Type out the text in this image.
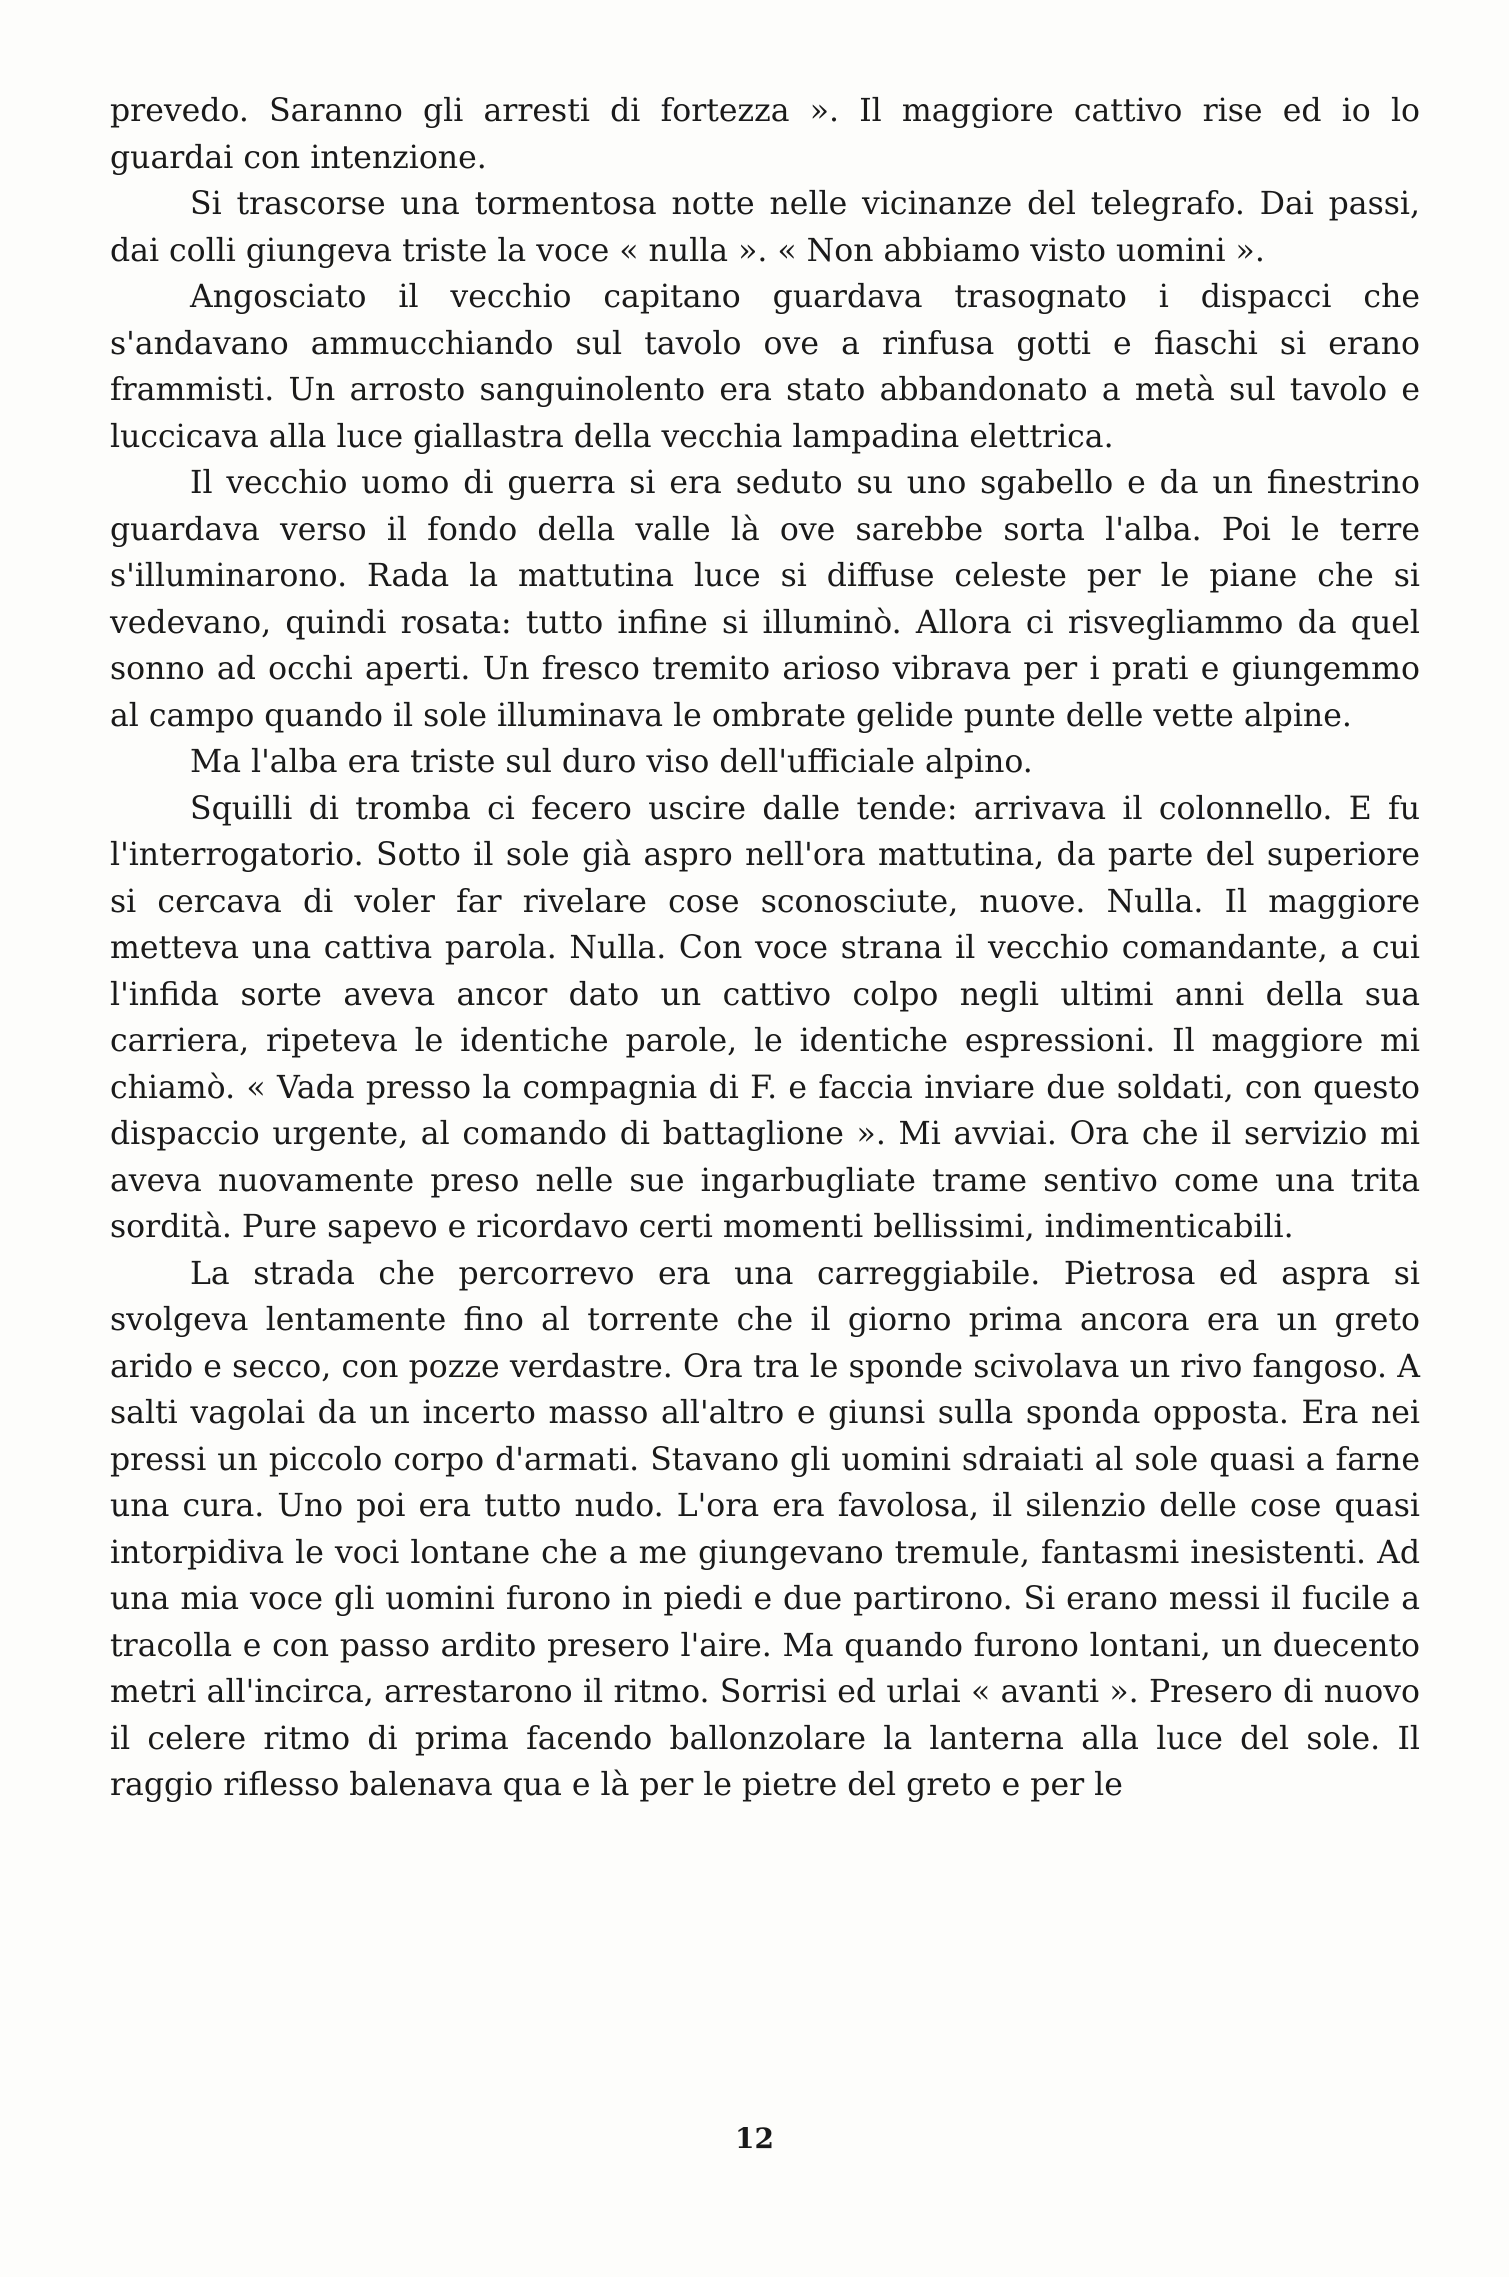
prevedo. Saranno gli arresti di fortezza ». Il maggiore cattivo rise ed io lo guardai con intenzione.

Si trascorse una tormentosa notte nelle vicinanze del telegrafo. Dai passi, dai colli giungeva triste la voce « nulla ». « Non abbiamo visto uomini ».

Angosciato il vecchio capitano guardava trasognato i dispacci che s'andavano ammucchiando sul tavolo ove a rinfusa gotti e fiaschi si erano frammisti. Un arrosto sanguinolento era stato abbandonato a metà sul tavolo e luccicava alla luce giallastra della vecchia lampadina elettrica.

Il vecchio uomo di guerra si era seduto su uno sgabello e da un finestrino guardava verso il fondo della valle là ove sarebbe sorta l'alba. Poi le terre s'illuminarono. Rada la mattutina luce si diffuse celeste per le piane che si vedevano, quindi rosata: tutto infine si illuminò. Allora ci risvegliammo da quel sonno ad occhi aperti. Un fresco tremito arioso vibrava per i prati e giungemmo al campo quando il sole illuminava le ombrate gelide punte delle vette alpine.

Ma l'alba era triste sul duro viso dell'ufficiale alpino.

Squilli di tromba ci fecero uscire dalle tende: arrivava il colonnello. E fu l'interrogatorio. Sotto il sole già aspro nell'ora mattutina, da parte del superiore si cercava di voler far rivelare cose sconosciute, nuove. Nulla. Il maggiore metteva una cattiva parola. Nulla. Con voce strana il vecchio comandante, a cui l'infida sorte aveva ancor dato un cattivo colpo negli ultimi anni della sua carriera, ripeteva le identiche parole, le identiche espressioni. Il maggiore mi chiamò. « Vada presso la compagnia di F. e faccia inviare due soldati, con questo dispaccio urgente, al comando di battaglione ». Mi avviai. Ora che il servizio mi aveva nuovamente preso nelle sue ingarbugliate trame sentivo come una trita sordità. Pure sapevo e ricordavo certi momenti bellissimi, indimenticabili.

La strada che percorrevo era una carreggiabile. Pietrosa ed aspra si svolgeva lentamente fino al torrente che il giorno prima ancora era un greto arido e secco, con pozze verdastre. Ora tra le sponde scivolava un rivo fangoso. A salti vagolai da un incerto masso all'altro e giunsi sulla sponda opposta. Era nei pressi un piccolo corpo d'armati. Stavano gli uomini sdraiati al sole quasi a farne una cura. Uno poi era tutto nudo. L'ora era favolosa, il silenzio delle cose quasi intorpidiva le voci lontane che a me giungevano tremule, fantasmi inesistenti. Ad una mia voce gli uomini furono in piedi e due partirono. Si erano messi il fucile a tracolla e con passo ardito presero l'aire. Ma quando furono lontani, un duecento metri all'incirca, arrestarono il ritmo. Sorrisi ed urlai « avanti ». Presero di nuovo il celere ritmo di prima facendo ballonzolare la lanterna alla luce del sole. Il raggio riflesso balenava qua e là per le pietre del greto e per le

12
